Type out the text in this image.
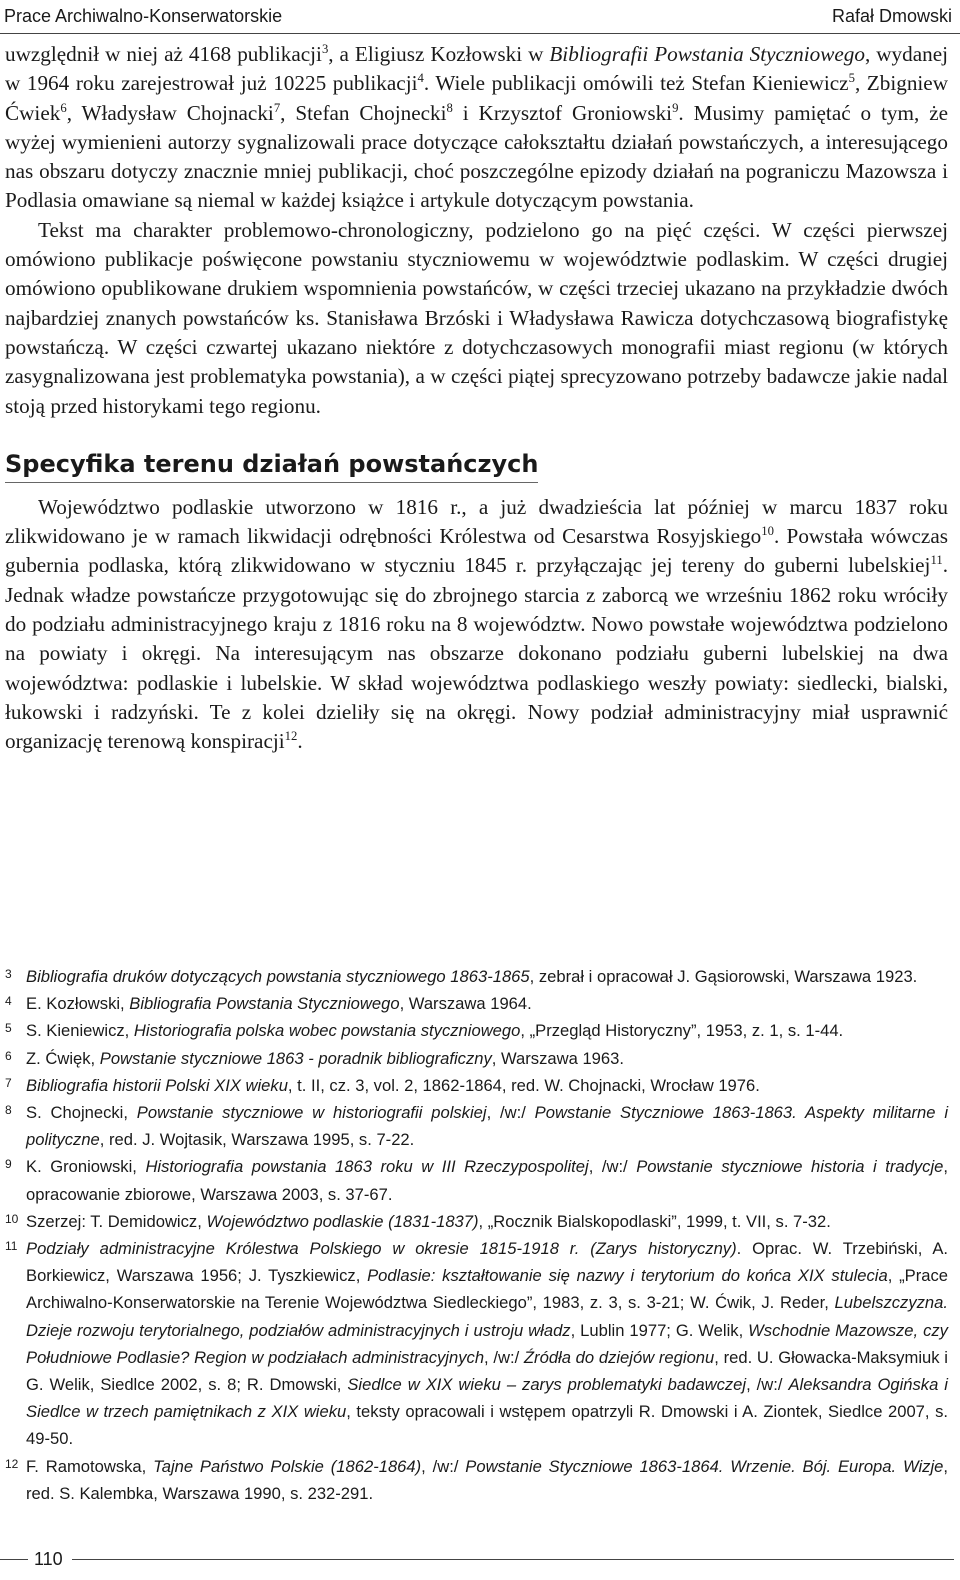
Prace Archiwalno-Konserwatorskie	Rafał Dmowski

uwzględnił w niej aż 4168 publikacji$^3$, a Eligiusz Kozłowski w Bibliografii Powstania Styczniowego, wydanej w 1964 roku zarejestrował już 10225 publikacji$^4$. Wiele publikacji omówili też Stefan Kieniewicz$^5$, Zbigniew Ćwiek$^6$, Władysław Chojnacki$^7$, Stefan Chojnecki$^8$ i Krzysztof Groniowski$^9$. Musimy pamiętać o tym, że wyżej wymienieni autorzy sygnalizowali prace dotyczące całokształtu działań powstańczych, a interesującego nas obszaru dotyczy znacznie mniej publikacji, choć poszczególne epizody działań na pograniczu Mazowsza i Podlasia omawiane są niemal w każdej książce i artykule dotyczącym powstania.

Tekst ma charakter problemowo-chronologiczny, podzielono go na pięć części. W części pierwszej omówiono publikacje poświęcone powstaniu styczniowemu w województwie podlaskim. W części drugiej omówiono opublikowane drukiem wspomnienia powstańców, w części trzeciej ukazano na przykładzie dwóch najbardziej znanych powstańców ks. Stanisława Brzóski i Władysława Rawicza dotychczasową biografistykę powstańczą. W części czwartej ukazano niektóre z dotychczasowych monografii miast regionu (w których zasygnalizowana jest problematyka powstania), a w części piątej sprecyzowano potrzeby badawcze jakie nadal stoją przed historykami tego regionu.

Specyfika terenu działań powstańczych

Województwo podlaskie utworzono w 1816 r., a już dwadzieścia lat później w marcu 1837 roku zlikwidowano je w ramach likwidacji odrębności Królestwa od Cesarstwa Rosyjskiego$^{10}$. Powstała wówczas gubernia podlaska, którą zlikwidowano w styczniu 1845 r. przyłączając jej tereny do guberni lubelskiej$^{11}$. Jednak władze powstańcze przygotowując się do zbrojnego starcia z zaborcą we wrześniu 1862 roku wróciły do podziału administracyjnego kraju z 1816 roku na 8 województw. Nowo powstałe województwa podzielono na powiaty i okręgi. Na interesującym nas obszarze dokonano podziału guberni lubelskiej na dwa województwa: podlaskie i lubelskie. W skład województwa podlaskiego weszły powiaty: siedlecki, bialski, łukowski i radzyński. Te z kolei dzieliły się na okręgi. Nowy podział administracyjny miał usprawnić organizację terenową konspiracji$^{12}$.

3 Bibliografia druków dotyczących powstania styczniowego 1863-1865, zebrał i opracował J. Gąsiorowski, Warszawa 1923.
4 E. Kozłowski, Bibliografia Powstania Styczniowego, Warszawa 1964.
5 S. Kieniewicz, Historiografia polska wobec powstania styczniowego, „Przegląd Historyczny”, 1953, z. 1, s. 1-44.
6 Z. Ćwięk, Powstanie styczniowe 1863 - poradnik bibliograficzny, Warszawa 1963.
7 Bibliografia historii Polski XIX wieku, t. II, cz. 3, vol. 2, 1862-1864, red. W. Chojnacki, Wrocław 1976.
8 S. Chojnecki, Powstanie styczniowe w historiografii polskiej, /w:/ Powstanie Styczniowe 1863-1863. Aspekty militarne i polityczne, red. J. Wojtasik, Warszawa 1995, s. 7-22.
9 K. Groniowski, Historiografia powstania 1863 roku w III Rzeczypospolitej, /w:/ Powstanie styczniowe historia i tradycje, opracowanie zbiorowe, Warszawa 2003, s. 37-67.
10 Szerzej: T. Demidowicz, Województwo podlaskie (1831-1837), „Rocznik Bialskopodlaski”, 1999, t. VII, s. 7-32.
11 Podziały administracyjne Królestwa Polskiego w okresie 1815-1918 r. (Zarys historyczny). Oprac. W. Trzebiński, A. Borkiewicz, Warszawa 1956; J. Tyszkiewicz, Podlasie: kształtowanie się nazwy i terytorium do końca XIX stulecia, „Prace Archiwalno-Konserwatorskie na Terenie Województwa Siedleckiego”, 1983, z. 3, s. 3-21; W. Ćwik, J. Reder, Lubelszczyzna. Dzieje rozwoju terytorialnego, podziałów administracyjnych i ustroju władz, Lublin 1977; G. Welik, Wschodnie Mazowsze, czy Południowe Podlasie? Region w podziałach administracyjnych, /w:/ Źródła do dziejów regionu, red. U. Głowacka-Maksymiuk i G. Welik, Siedlce 2002, s. 8; R. Dmowski, Siedlce w XIX wieku – zarys problematyki badawczej, /w:/ Aleksandra Ogińska i Siedlce w trzech pamiętnikach z XIX wieku, teksty opracowali i wstępem opatrzyli R. Dmowski i A. Ziontek, Siedlce 2007, s. 49-50.
12 F. Ramotowska, Tajne Państwo Polskie (1862-1864), /w:/ Powstanie Styczniowe 1863-1864. Wrzenie. Bój. Europa. Wizje, red. S. Kalembka, Warszawa 1990, s. 232-291.
110
